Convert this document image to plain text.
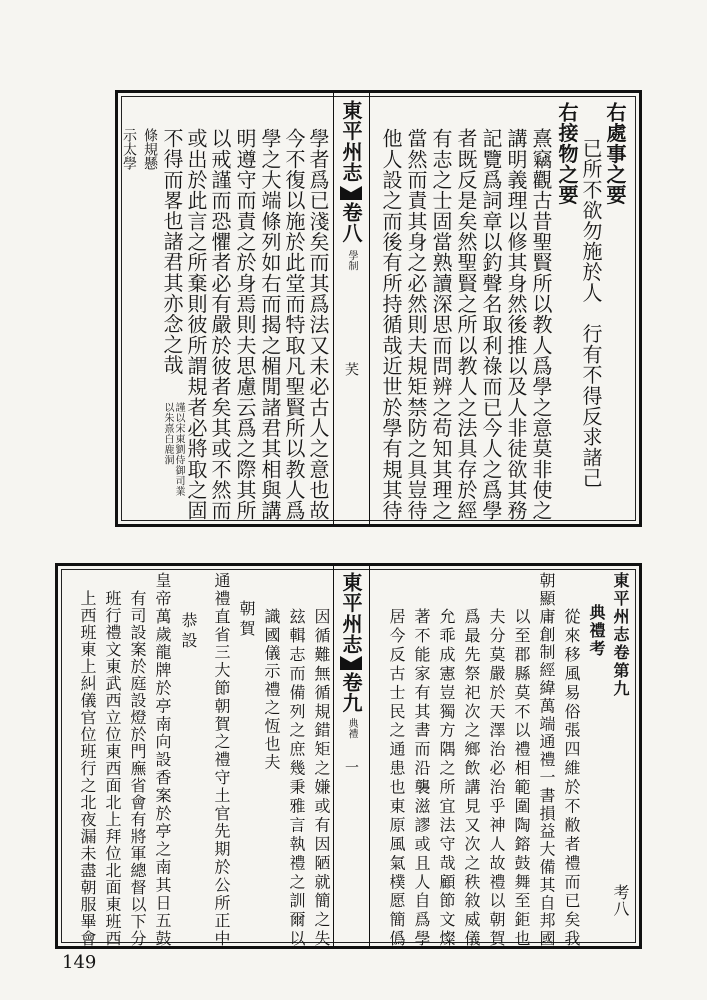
右處事之要
已所不欲勿施於人　行有不得反求諸己
右接物之要
熹竊觀古昔聖賢所以教人爲學之意莫非使之
講明義理以修其身然後推以及人非徒欲其務
記覽爲詞章以釣聲名取利祿而已今人之爲學
者既反是矣然聖賢之所以教人之法具存於經
有志之士固當熟讀深思而問辨之苟知其理之
當然而責其身之必然則夫規矩禁防之具豈待
他人設之而後有所持循哉近世於學有規其待
東平州志
卷八
學制
芺
學者爲已淺矣而其爲法又未必古人之意也故
今不復以施於此堂而特取凡聖賢所以教人爲
學之大端條列如右而揭之楣閒諸君其相與講
明遵守而責之於身焉則夫思慮云爲之際其所
以戒謹而恐懼者必有嚴於彼者矣其或不然而
或出於此言之所棄則彼所謂規者必將取之固
不得而畧也諸君其亦念之哉
謹以宋東劉侍御司業
以朱熹白鹿洞
條規懸
示太學
東平州志卷第九
考八
典禮考
從來移風易俗張四維於不敝者禮而已矣我
朝顯庸創制經緯萬端通禮一書損益大備其自邦國
以至郡縣莫不以禮相範圍陶鎔鼓舞至鉅也
夫分莫嚴於天澤治必治乎神人故禮以朝賀
爲最先祭祀次之鄉飲講見又次之秩敘威儀
允乖成憲豈獨方隅之所宜法守哉顧節文燦
著不能家有其書而沿襲滋謬或且人自爲學
居今反古士民之通患也東原風氣樸愿簡僞
東平州志
卷九
典禮
一
因循難無循規錯矩之嫌或有因陋就簡之失
玆輯志而備列之庶幾秉雅言執禮之訓爾以
識國儀示禮之恆也夫
朝賀
通禮直省三大節朝賀之禮守土官先期於公所正中
恭設
皇帝萬歲龍牌於亭南向設香案於亭之南其日五鼓
有司設案於庭設燈於門廡省會有將軍總督以下分
班行禮文東武西立位東西面北上拜位北面東班西
上西班東上糾儀官位班行之北夜漏未盡朝服畢會
149
